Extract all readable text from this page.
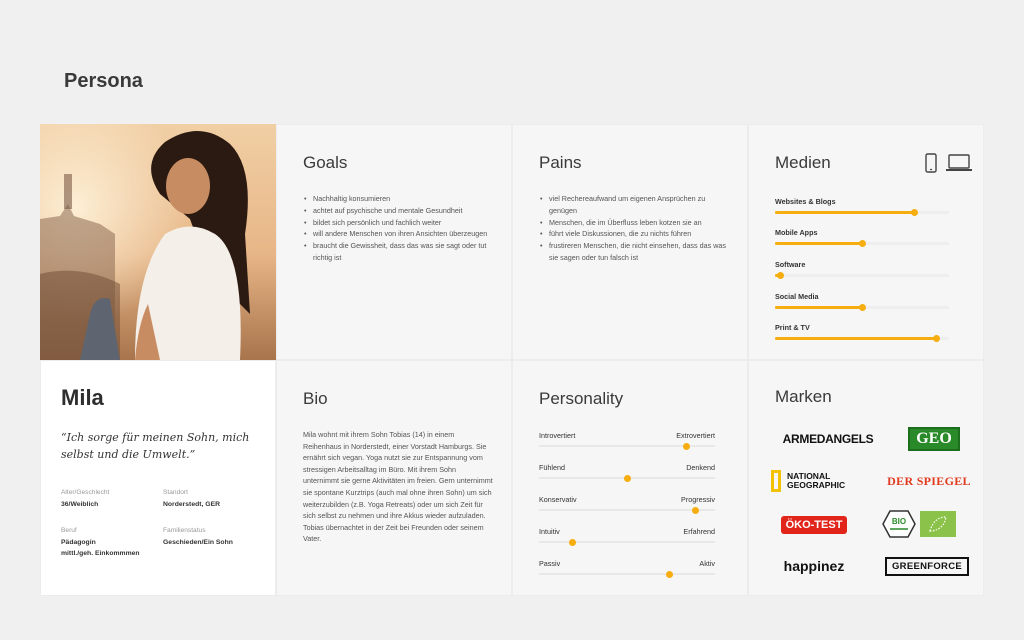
Persona
Goals
• Nachhaltig konsumieren
• achtet auf psychische und mentale Gesundheit
• bildet sich persönlich und fachlich weiter
• will andere Menschen von ihren Ansichten überzeugen
• braucht die Gewissheit, dass das was sie sagt oder tut richtig ist
Pains
• viel Rechereaufwand um eigenen Ansprüchen zu genügen
• Menschen, die im Überfluss leben kotzen sie an
• führt viele Diskussionen, die zu nichts führen
• frustireren Menschen, die nicht einsehen, dass das was sie sagen oder tun falsch ist
Medien
Websites & Blogs
Mobile Apps
Software
Social Media
Print & TV
Mila
“Ich sorge für meinen Sohn, mich selbst und die Umwelt.”
Alter/Geschlecht
36/Weiblich
Standort
Norderstedt, GER
Beruf
Pädagogin
mittl./geh. Einkommmen
Familienstatus
Geschieden/Ein Sohn
Bio
Mila wohnt mit ihrem Sohn Tobias (14) in einem Reihenhaus in Norderstedt, einer Vorstadt Hamburgs. Sie ernährt sich vegan. Yoga nutzt sie zur Entspannung vom stressigen Arbeitsalltag im Büro. Mit ihrem Sohn unternimmt sie gerne Aktivitäten im freien. Gern unternimmt sie spontane Kurztrips (auch mal ohne ihren Sohn) um sich weiterzubilden (z.B. Yoga Retreats) oder um sich Zeit für sich selbst zu nehmen und ihre Akkus wieder aufzuladen. Tobias übernachtet in der Zeit bei Freunden oder seinem Vater.
Personality
Introvertiert	Extrovertiert
Fühlend	Denkend
Konservativ	Progressiv
Intuitiv	Erfahrend
Passiv	Aktiv
Marken
ARMEDANGELS	GEO
NATIONAL GEOGRAPHIC	DER SPIEGEL
ÖKO-TEST	BIO
happinez	GREENFORCE
